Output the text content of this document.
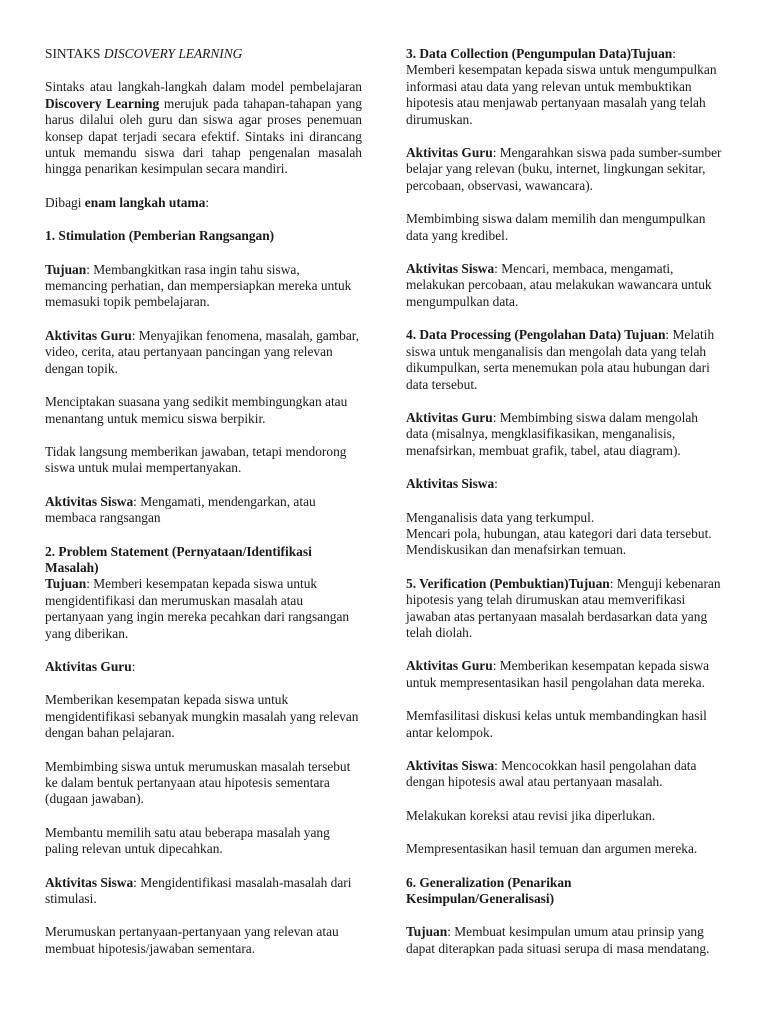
SINTAKS DISCOVERY LEARNING

Sintaks atau langkah-langkah dalam model pembelajaran Discovery Learning merujuk pada tahapan-tahapan yang harus dilalui oleh guru dan siswa agar proses penemuan konsep dapat terjadi secara efektif. Sintaks ini dirancang untuk memandu siswa dari tahap pengenalan masalah hingga penarikan kesimpulan secara mandiri.

Dibagi enam langkah utama:

1. Stimulation (Pemberian Rangsangan)

Tujuan: Membangkitkan rasa ingin tahu siswa, memancing perhatian, dan mempersiapkan mereka untuk memasuki topik pembelajaran.

Aktivitas Guru: Menyajikan fenomena, masalah, gambar, video, cerita, atau pertanyaan pancingan yang relevan dengan topik.

Menciptakan suasana yang sedikit membingungkan atau menantang untuk memicu siswa berpikir.

Tidak langsung memberikan jawaban, tetapi mendorong siswa untuk mulai mempertanyakan.

Aktivitas Siswa: Mengamati, mendengarkan, atau membaca rangsangan

2. Problem Statement (Pernyataan/Identifikasi Masalah)

Tujuan: Memberi kesempatan kepada siswa untuk mengidentifikasi dan merumuskan masalah atau pertanyaan yang ingin mereka pecahkan dari rangsangan yang diberikan.

Aktivitas Guru:

Memberikan kesempatan kepada siswa untuk mengidentifikasi sebanyak mungkin masalah yang relevan dengan bahan pelajaran.

Membimbing siswa untuk merumuskan masalah tersebut ke dalam bentuk pertanyaan atau hipotesis sementara (dugaan jawaban).

Membantu memilih satu atau beberapa masalah yang paling relevan untuk dipecahkan.

Aktivitas Siswa: Mengidentifikasi masalah-masalah dari stimulasi.

Merumuskan pertanyaan-pertanyaan yang relevan atau membuat hipotesis/jawaban sementara.

3. Data Collection (Pengumpulan Data)Tujuan: Memberi kesempatan kepada siswa untuk mengumpulkan informasi atau data yang relevan untuk membuktikan hipotesis atau menjawab pertanyaan masalah yang telah dirumuskan.

Aktivitas Guru: Mengarahkan siswa pada sumber-sumber belajar yang relevan (buku, internet, lingkungan sekitar, percobaan, observasi, wawancara).

Membimbing siswa dalam memilih dan mengumpulkan data yang kredibel.

Aktivitas Siswa: Mencari, membaca, mengamati, melakukan percobaan, atau melakukan wawancara untuk mengumpulkan data.

4. Data Processing (Pengolahan Data) Tujuan: Melatih siswa untuk menganalisis dan mengolah data yang telah dikumpulkan, serta menemukan pola atau hubungan dari data tersebut.

Aktivitas Guru: Membimbing siswa dalam mengolah data (misalnya, mengklasifikasikan, menganalisis, menafsirkan, membuat grafik, tabel, atau diagram).

Aktivitas Siswa:

Menganalisis data yang terkumpul.
Mencari pola, hubungan, atau kategori dari data tersebut.
Mendiskusikan dan menafsirkan temuan.

5. Verification (Pembuktian)Tujuan: Menguji kebenaran hipotesis yang telah dirumuskan atau memverifikasi jawaban atas pertanyaan masalah berdasarkan data yang telah diolah.

Aktivitas Guru: Memberikan kesempatan kepada siswa untuk mempresentasikan hasil pengolahan data mereka.

Memfasilitasi diskusi kelas untuk membandingkan hasil antar kelompok.

Aktivitas Siswa: Mencocokkan hasil pengolahan data dengan hipotesis awal atau pertanyaan masalah.

Melakukan koreksi atau revisi jika diperlukan.

Mempresentasikan hasil temuan dan argumen mereka.

6. Generalization (Penarikan Kesimpulan/Generalisasi)

Tujuan: Membuat kesimpulan umum atau prinsip yang dapat diterapkan pada situasi serupa di masa mendatang.
